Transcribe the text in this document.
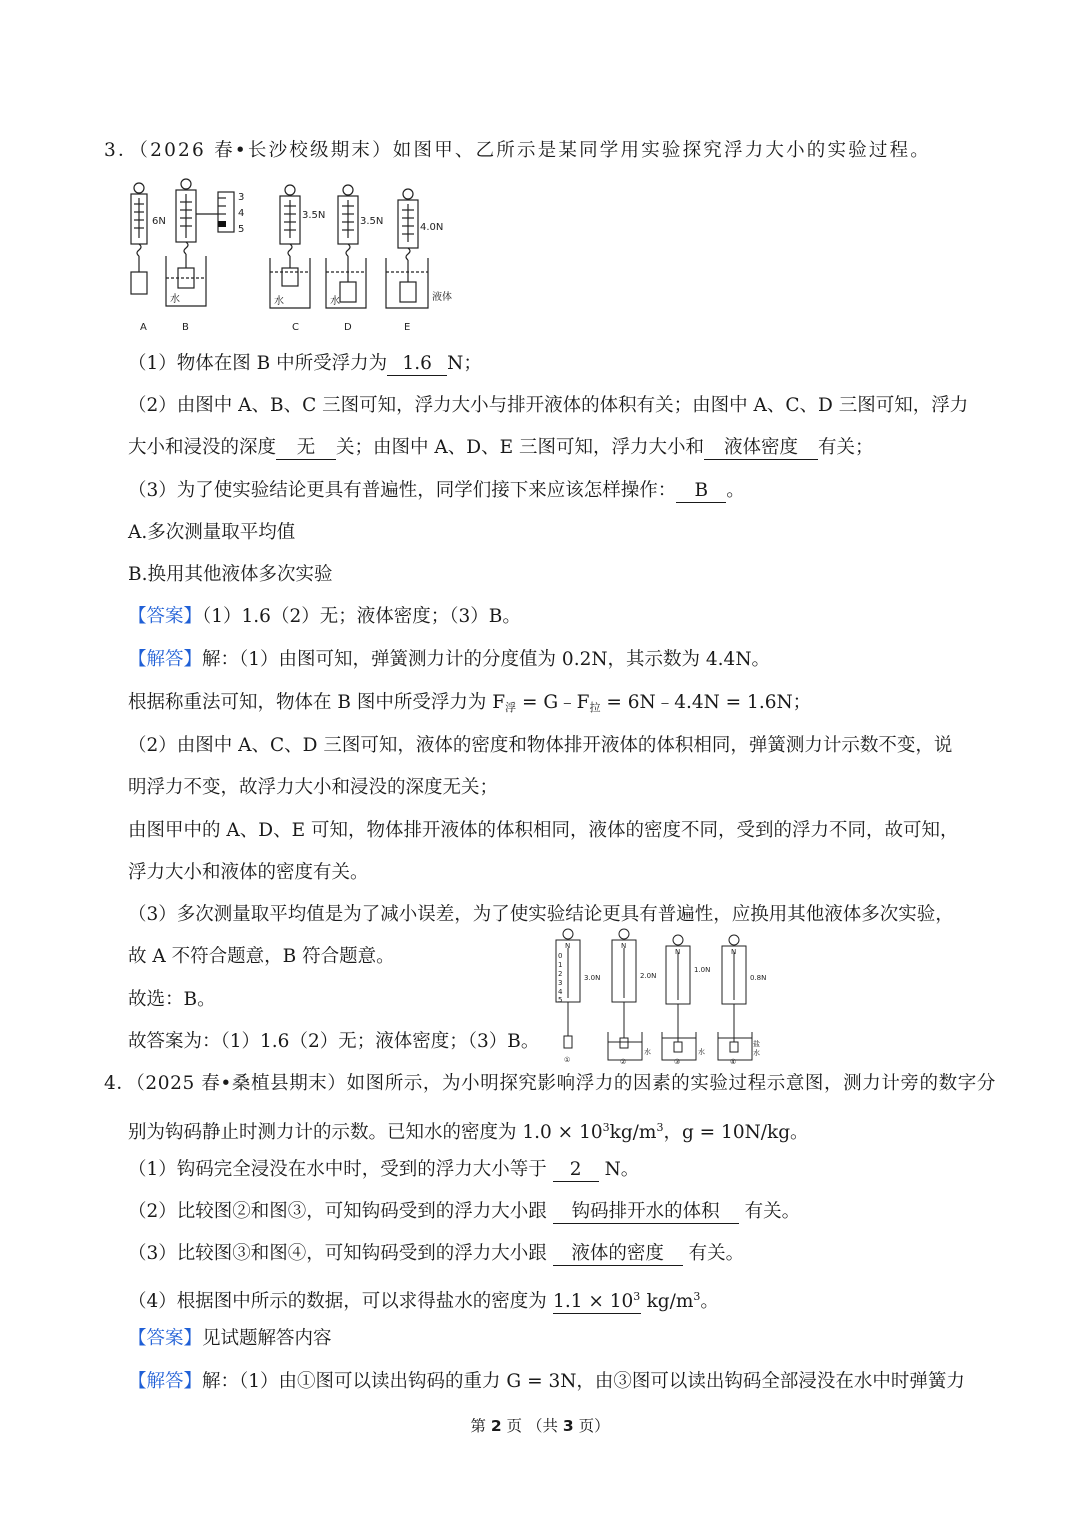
3．（2026 春•长沙校级期末）如图甲、乙所示是某同学用实验探究浮力大小的实验过程。
6N
3
4
5
3.5N
3.5N
4.0N
水	水	水	液体
A	B	C	D	E
（1）物体在图 B 中所受浮力为 1.6 N；
（2）由图中 A、B、C 三图可知，浮力大小与排开液体的体积有关；由图中 A、C、D 三图可知，浮力
大小和浸没的深度 无 关；由图中 A、D、E 三图可知，浮力大小和 液体密度 有关；
（3）为了使实验结论更具有普遍性，同学们接下来应该怎样操作： B 。
A.多次测量取平均值
B.换用其他液体多次实验
【答案】（1）1.6（2）无；液体密度；（3）B。
【解答】解：（1）由图可知，弹簧测力计的分度值为 0.2N，其示数为 4.4N。
根据称重法可知，物体在 B 图中所受浮力为 $F_浮$ = $G﹣F_拉$ = 6N﹣4.4N = 1.6N；
（2）由图中 A、C、D 三图可知，液体的密度和物体排开液体的体积相同，弹簧测力计示数不变，说
明浮力不变，故浮力大小和浸没的深度无关；
由图甲中的 A、D、E 可知，物体排开液体的体积相同，液体的密度不同，受到的浮力不同，故可知，
浮力大小和液体的密度有关。
（3）多次测量取平均值是为了减小误差，为了使实验结论更具有普遍性，应换用其他液体多次实验，
故 A 不符合题意，B 符合题意。
故选：B。
故答案为：（1）1.6（2）无；液体密度；（3）B。
N
0
1
2
3
4
5
N
N	N
3.0N	2.0N
1.0N
0.8N
水	水
盐
水
①	②	③	④
4．（2025 春•桑植县期末）如图所示，为小明探究影响浮力的因素的实验过程示意图，测力计旁的数字分
别为钩码静止时测力计的示数。已知水的密度为 $1.0 \times 10^3kg/m^3$，g = 10N/kg。
（1）钩码完全浸没在水中时，受到的浮力大小等于 2 N。
（2）比较图②和图③，可知钩码受到的浮力大小跟 钩码排开水的体积 有关。
（3）比较图③和图④，可知钩码受到的浮力大小跟 液体的密度 有关。
（4）根据图中所示的数据，可以求得盐水的密度为 $1.1 \times 10^3$ $kg/m^3$。
【答案】见试题解答内容
【解答】解：（1）由①图可以读出钩码的重力 G = 3N，由③图可以读出钩码全部浸没在水中时弹簧力
第 2 页 （共 3 页）
